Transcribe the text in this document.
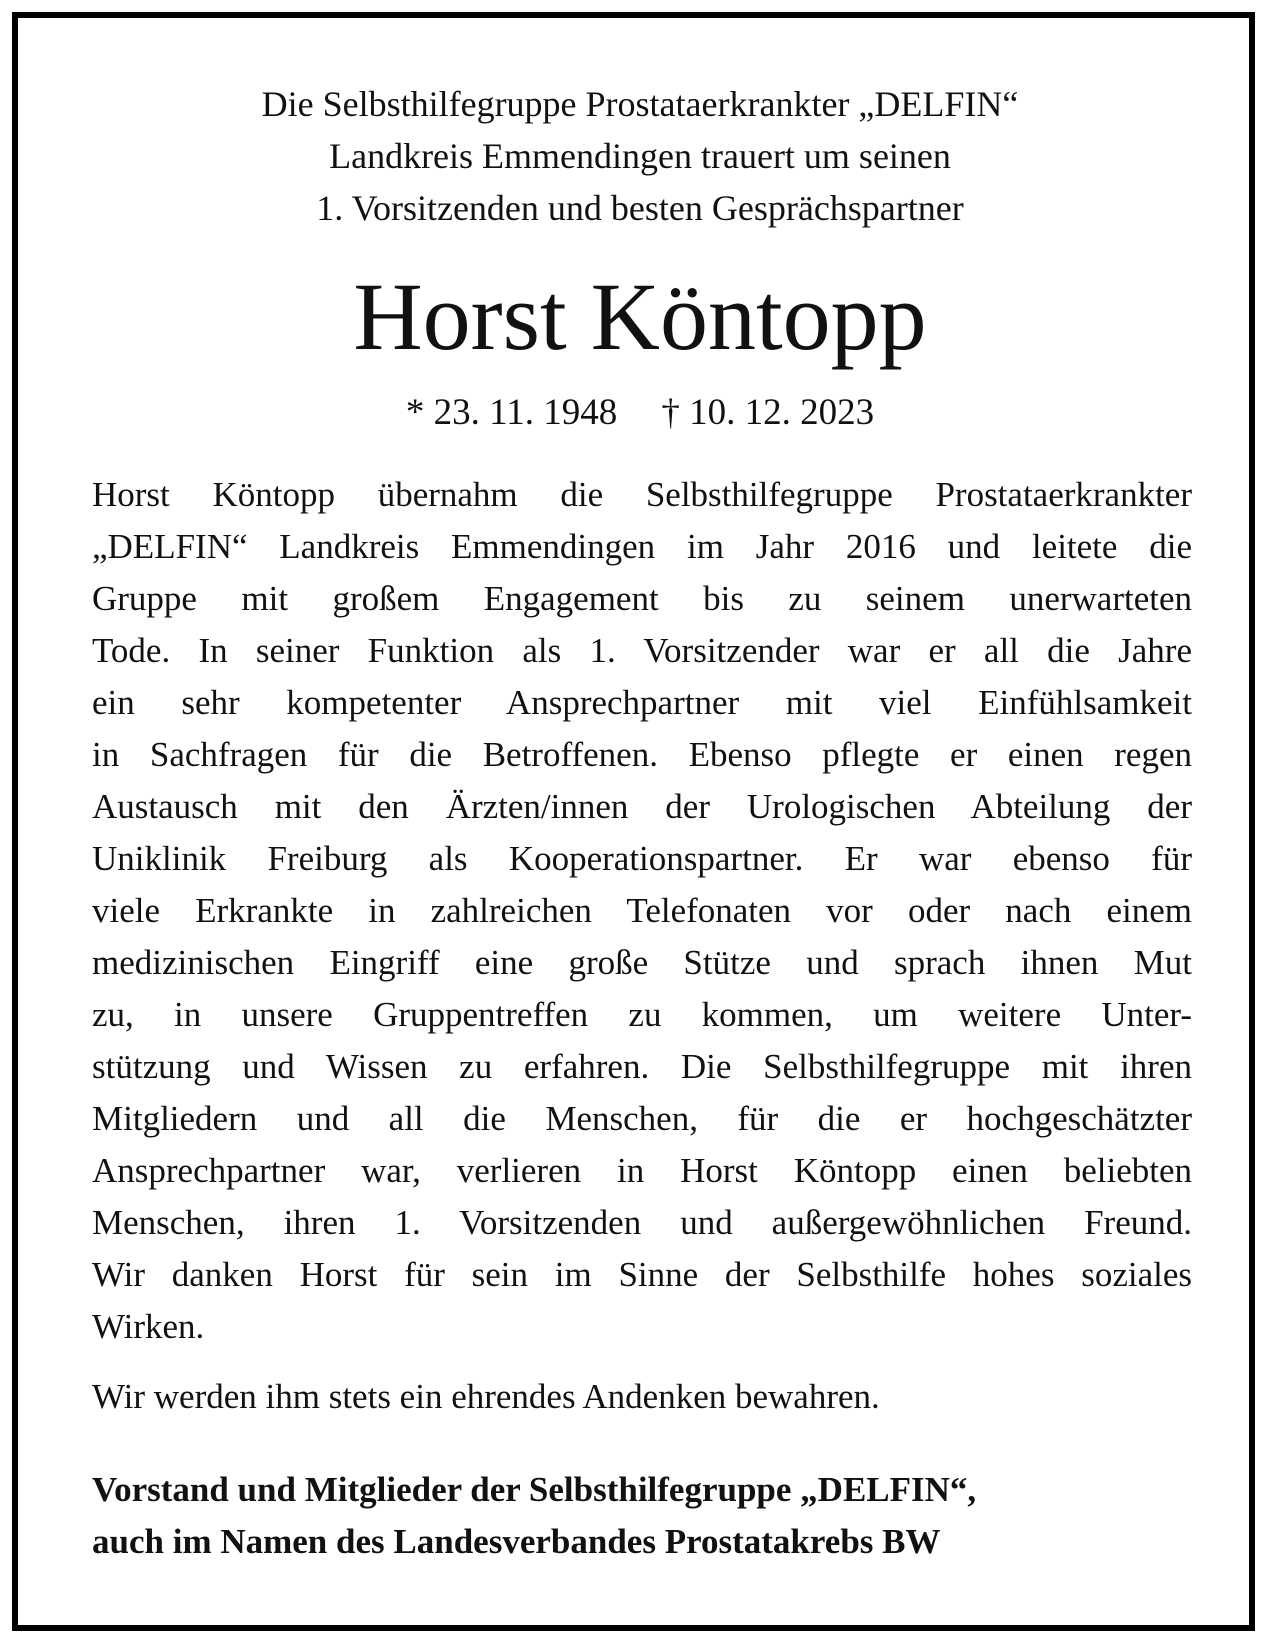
Die Selbsthilfegruppe Prostataerkrankter „DELFIN“
Landkreis Emmendingen trauert um seinen
1. Vorsitzenden und besten Gesprächspartner
Horst Köntopp
* 23. 11. 1948 † 10. 12. 2023
Horst Köntopp übernahm die Selbsthilfegruppe Prostataerkrankter
„DELFIN“ Landkreis Emmendingen im Jahr 2016 und leitete die
Gruppe mit großem Engagement bis zu seinem unerwarteten
Tode. In seiner Funktion als 1. Vorsitzender war er all die Jahre
ein sehr kompetenter Ansprechpartner mit viel Einfühlsamkeit
in Sachfragen für die Betroffenen. Ebenso pflegte er einen regen
Austausch mit den Ärzten/innen der Urologischen Abteilung der
Uniklinik Freiburg als Kooperationspartner. Er war ebenso für
viele Erkrankte in zahlreichen Telefonaten vor oder nach einem
medizinischen Eingriff eine große Stütze und sprach ihnen Mut
zu, in unsere Gruppentreffen zu kommen, um weitere Unter-
stützung und Wissen zu erfahren. Die Selbsthilfegruppe mit ihren
Mitgliedern und all die Menschen, für die er hochgeschätzter
Ansprechpartner war, verlieren in Horst Köntopp einen beliebten
Menschen, ihren 1. Vorsitzenden und außergewöhnlichen Freund.
Wir danken Horst für sein im Sinne der Selbsthilfe hohes soziales
Wirken.
Wir werden ihm stets ein ehrendes Andenken bewahren.
Vorstand und Mitglieder der Selbsthilfegruppe „DELFIN“,
auch im Namen des Landesverbandes Prostatakrebs BW
